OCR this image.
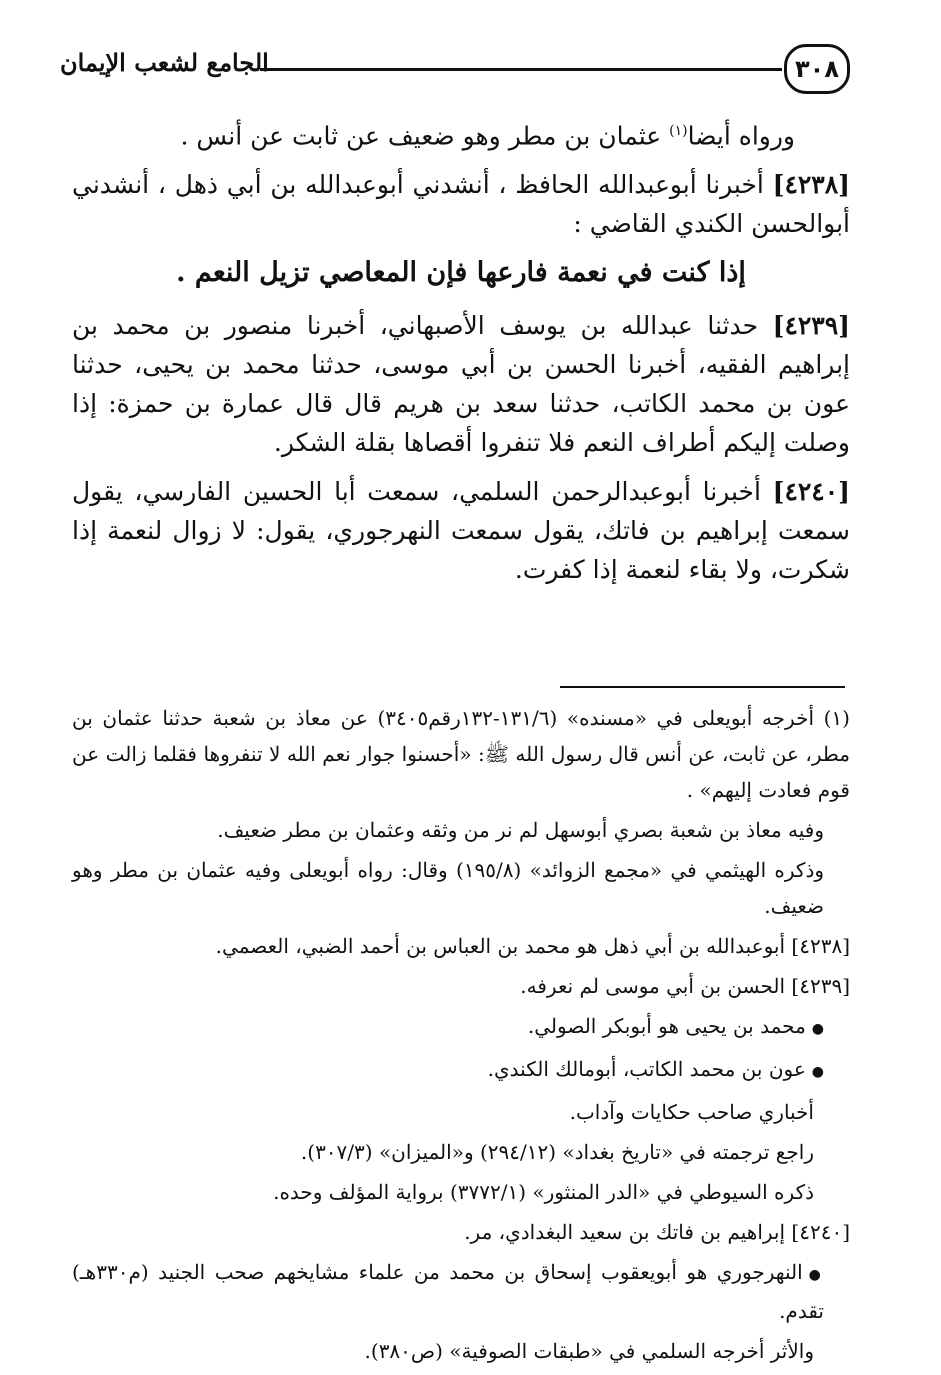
٣٠٨
الجامع لشعب الإيمان

ورواه أيضا$^{(١)}$ عثمان بن مطر وهو ضعيف عن ثابت عن أنس .

[٤٢٣٨] أخبرنا أبوعبدالله الحافظ ، أنشدني أبوعبدالله بن أبي ذهل ، أنشدني أبوالحسن الكندي القاضي :

إذا كنت في نعمة فارعها فإن المعاصي تزيل النعم .

[٤٢٣٩] حدثنا عبدالله بن يوسف الأصبهاني، أخبرنا منصور بن محمد بن إبراهيم الفقيه، أخبرنا الحسن بن أبي موسى، حدثنا محمد بن يحيى، حدثنا عون بن محمد الكاتب، حدثنا سعد بن هريم قال قال عمارة بن حمزة: إذا وصلت إليكم أطراف النعم فلا تنفروا أقصاها بقلة الشكر.

[٤٢٤٠] أخبرنا أبوعبدالرحمن السلمي، سمعت أبا الحسين الفارسي، يقول سمعت إبراهيم بن فاتك، يقول سمعت النهرجوري، يقول: لا زوال لنعمة إذا شكرت، ولا بقاء لنعمة إذا كفرت.

(١) أخرجه أبويعلى في «مسنده» (١٣١/٦-١٣٢رقم٣٤٠٥) عن معاذ بن شعبة حدثنا عثمان بن مطر، عن ثابت، عن أنس قال رسول الله ﷺ: «أحسنوا جوار نعم الله لا تنفروها فقلما زالت عن قوم فعادت إليهم» .

وفيه معاذ بن شعبة بصري أبوسهل لم نر من وثقه وعثمان بن مطر ضعيف.

وذكره الهيثمي في «مجمع الزوائد» (١٩٥/٨) وقال: رواه أبويعلى وفيه عثمان بن مطر وهو ضعيف.

[٤٢٣٨] أبوعبدالله بن أبي ذهل هو محمد بن العباس بن أحمد الضبي، العصمي.

[٤٢٣٩] الحسن بن أبي موسى لم نعرفه.

● محمد بن يحيى هو أبوبكر الصولي.

● عون بن محمد الكاتب، أبومالك الكندي.

أخباري صاحب حكايات وآداب.

راجع ترجمته في «تاريخ بغداد» (٢٩٤/١٢) و«الميزان» (٣٠٧/٣).

ذكره السيوطي في «الدر المنثور» (٣٧٧٢/١) برواية المؤلف وحده.

[٤٢٤٠] إبراهيم بن فاتك بن سعيد البغدادي، مر.

● النهرجوري هو أبويعقوب إسحاق بن محمد من علماء مشايخهم صحب الجنيد (م٣٣٠هـ) تقدم.

والأثر أخرجه السلمي في «طبقات الصوفية» (ص٣٨٠).
